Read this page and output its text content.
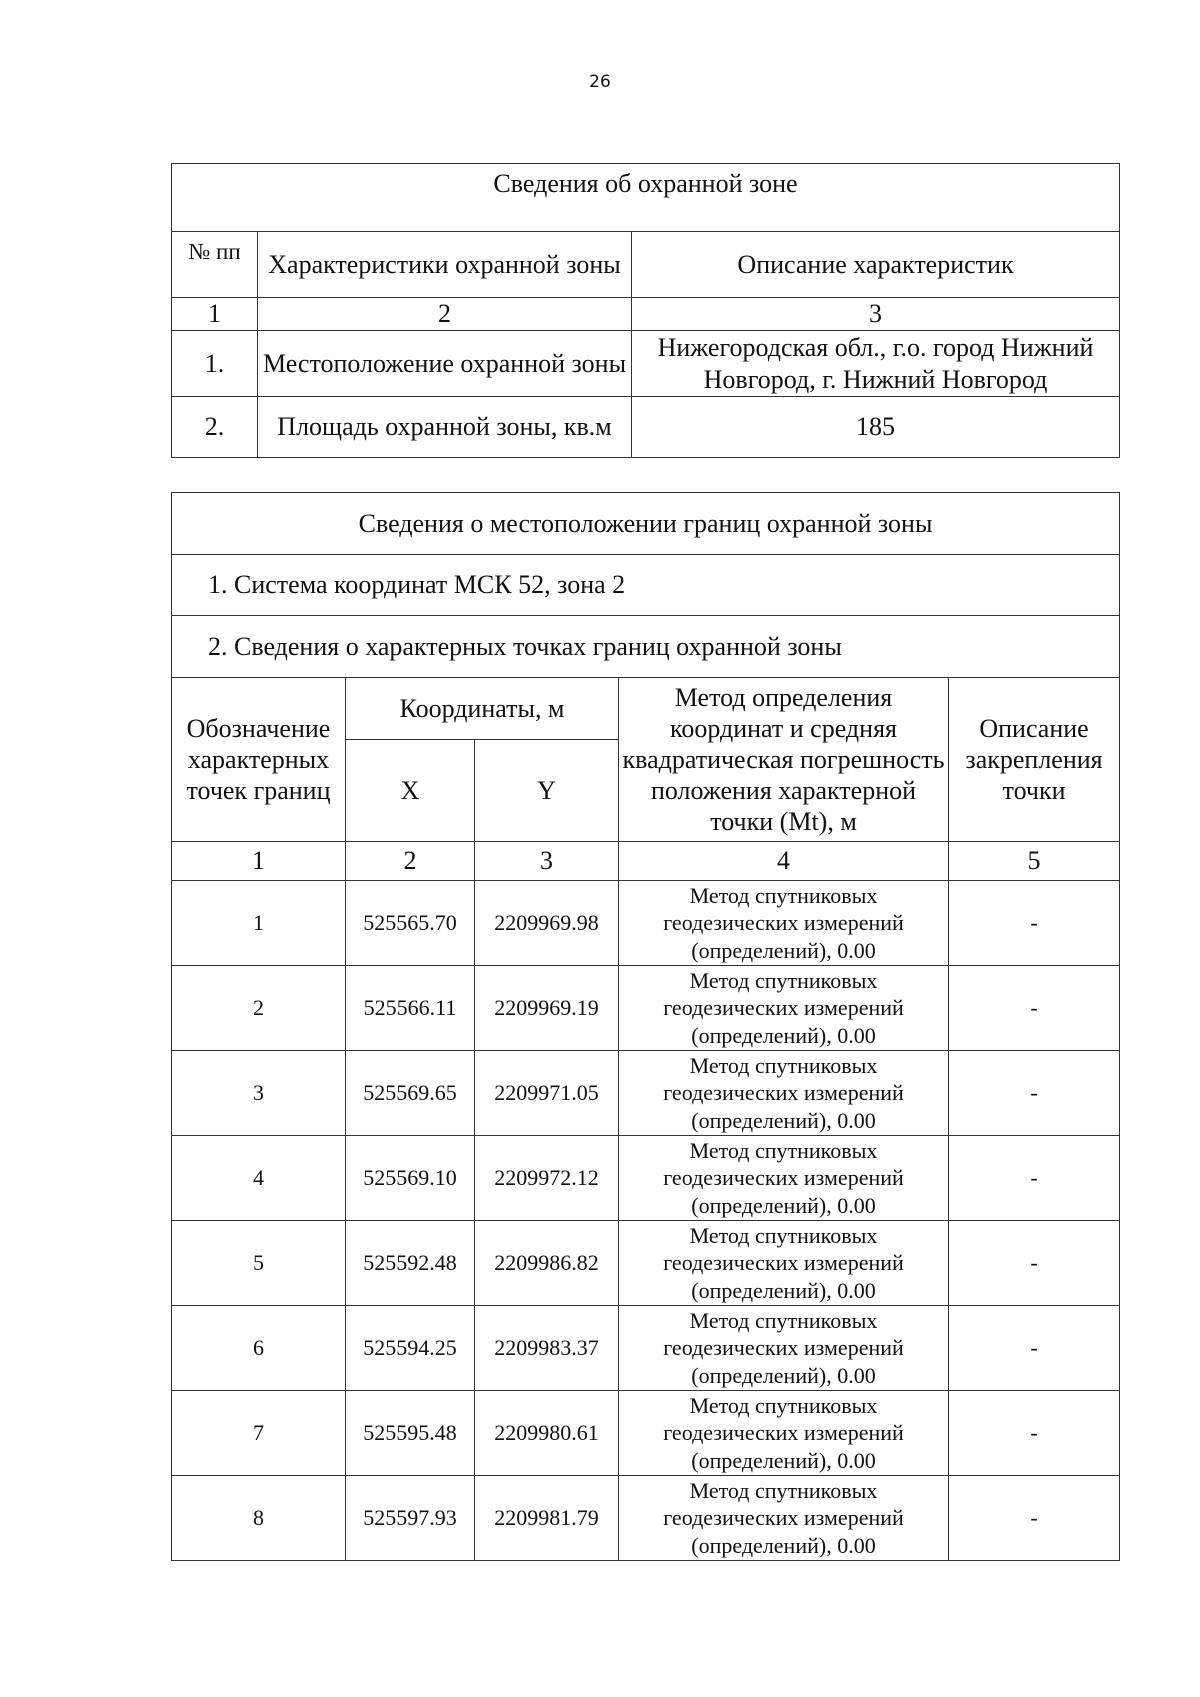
26
Сведения об охранной зоне		
№ пп	Характеристики охранной зоны	Описание характеристик
1	2	3
1.	Местоположение охранной зоны	Нижегородская обл., г.о. город Нижний Новгород, г. Нижний Новгород
2.	Площадь охранной зоны, кв.м	185
Сведения о местоположении границ охранной зоны				
1. Система координат МСК 52, зона 2				
2. Сведения о характерных точках границ охранной зоны				
Обозначение характерных точек границ	Координаты, м		Метод определения координат и средняя квадратическая погрешность положения характерной точки (Mt), м	Описание закрепления точки
	X	Y		
1	2	3	4	5
1	525565.70	2209969.98	Метод спутниковых геодезических измерений (определений), 0.00	-
2	525566.11	2209969.19	Метод спутниковых геодезических измерений (определений), 0.00	-
3	525569.65	2209971.05	Метод спутниковых геодезических измерений (определений), 0.00	-
4	525569.10	2209972.12	Метод спутниковых геодезических измерений (определений), 0.00	-
5	525592.48	2209986.82	Метод спутниковых геодезических измерений (определений), 0.00	-
6	525594.25	2209983.37	Метод спутниковых геодезических измерений (определений), 0.00	-
7	525595.48	2209980.61	Метод спутниковых геодезических измерений (определений), 0.00	-
8	525597.93	2209981.79	Метод спутниковых геодезических измерений (определений), 0.00	-
